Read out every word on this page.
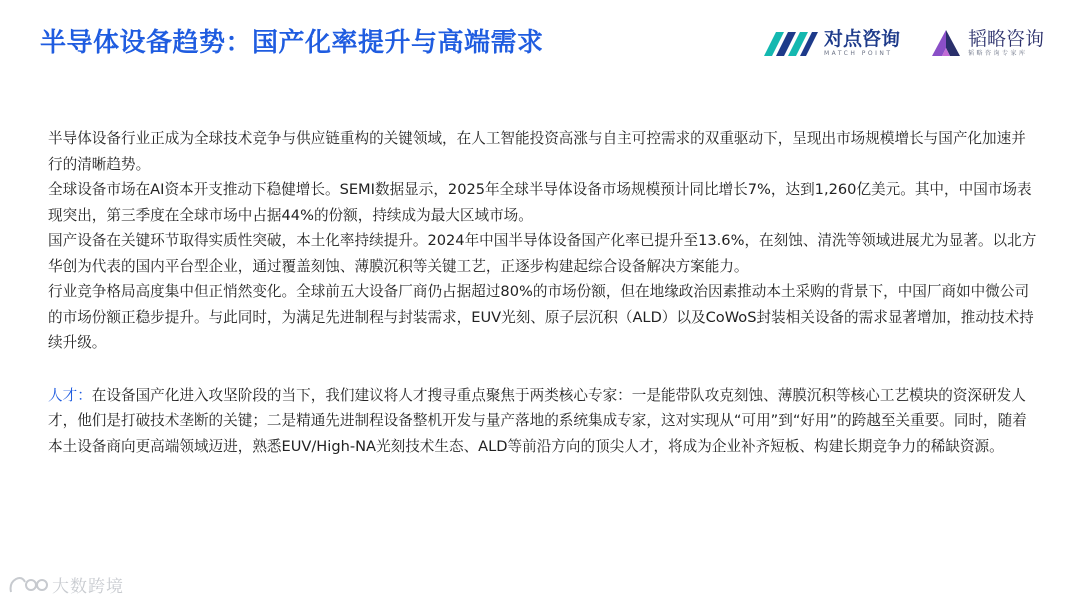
半导体设备趋势：国产化率提升与高端需求	对点咨询
MATCH POINT
韬略咨询
韬略咨询专家库

半导体设备行业正成为全球技术竞争与供应链重构的关键领域，在人工智能投资高涨与自主可控需求的双重驱动下，呈现出市场规模增长与国产化加速并行的清晰趋势。

全球设备市场在AI资本开支推动下稳健增长。SEMI数据显示，2025年全球半导体设备市场规模预计同比增长7%，达到1,260亿美元。其中，中国市场表现突出，第三季度在全球市场中占据44%的份额，持续成为最大区域市场。

国产设备在关键环节取得实质性突破，本土化率持续提升。2024年中国半导体设备国产化率已提升至13.6%，在刻蚀、清洗等领域进展尤为显著。以北方华创为代表的国内平台型企业，通过覆盖刻蚀、薄膜沉积等关键工艺，正逐步构建起综合设备解决方案能力。

行业竞争格局高度集中但正悄然变化。全球前五大设备厂商仍占据超过80%的市场份额，但在地缘政治因素推动本土采购的背景下，中国厂商如中微公司的市场份额正稳步提升。与此同时，为满足先进制程与封装需求，EUV光刻、原子层沉积（ALD）以及CoWoS封装相关设备的需求显著增加，推动技术持续升级。

人才：在设备国产化进入攻坚阶段的当下，我们建议将人才搜寻重点聚焦于两类核心专家：一是能带队攻克刻蚀、薄膜沉积等核心工艺模块的资深研发人才，他们是打破技术垄断的关键；二是精通先进制程设备整机开发与量产落地的系统集成专家，这对实现从“可用”到“好用”的跨越至关重要。同时，随着本土设备商向更高端领域迈进，熟悉EUV/High-NA光刻技术生态、ALD等前沿方向的顶尖人才，将成为企业补齐短板、构建长期竞争力的稀缺资源。

大数跨境
